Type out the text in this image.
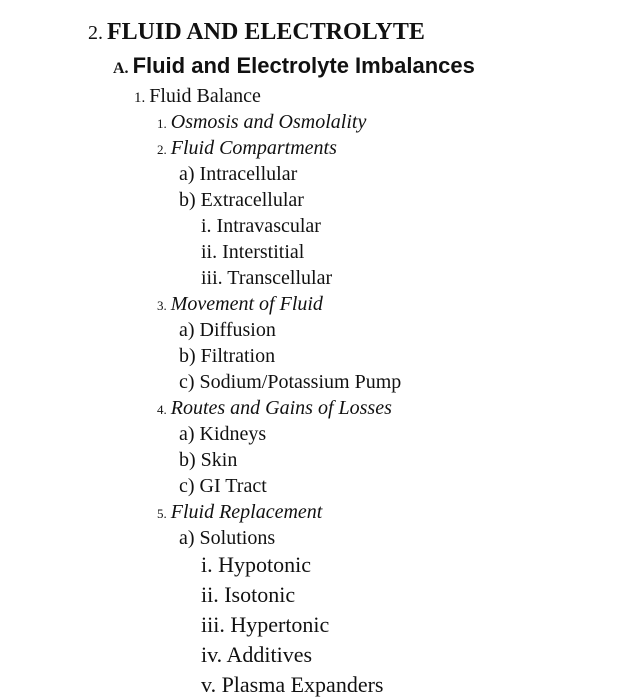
2. FLUID AND ELECTROLYTE
A. Fluid and Electrolyte Imbalances
1. Fluid Balance
1. Osmosis and Osmolality
2. Fluid Compartments
a) Intracellular
b) Extracellular
i. Intravascular
ii. Interstitial
iii. Transcellular
3. Movement of Fluid
a) Diffusion
b) Filtration
c) Sodium/Potassium Pump
4. Routes and Gains of Losses
a) Kidneys
b) Skin
c) GI Tract
5. Fluid Replacement
a) Solutions
i. Hypotonic
ii. Isotonic
iii. Hypertonic
iv. Additives
v. Plasma Expanders
